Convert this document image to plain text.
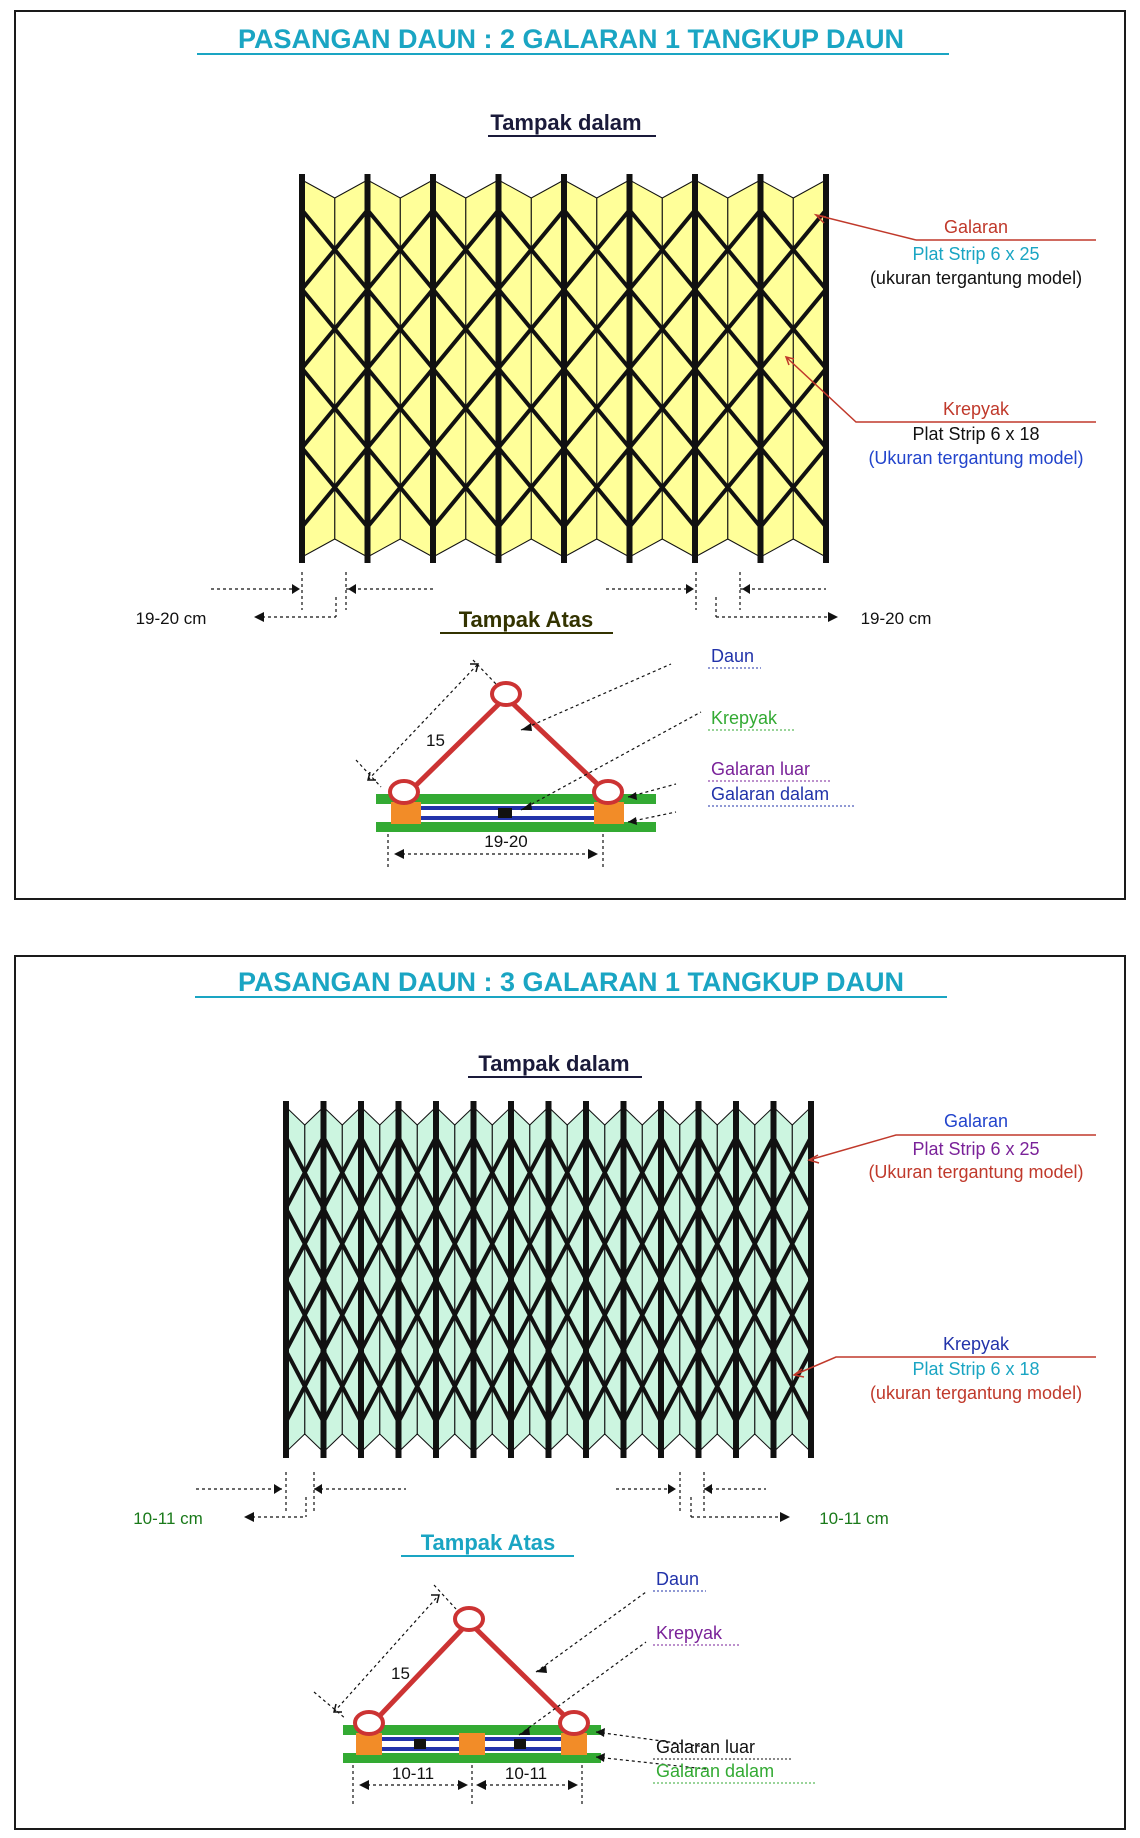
PASANGAN DAUN : 2 GALARAN 1 TANGKUP DAUN
Tampak dalam
Galaran
Plat Strip 6 x 25
(ukuran tergantung model)
Krepyak
Plat Strip 6 x 18
(Ukuran tergantung model)
19-20 cm	19-20 cm
Tampak Atas
15
19-20
Daun
Krepyak
Galaran luar
Galaran dalam
PASANGAN DAUN : 3 GALARAN 1 TANGKUP DAUN
Tampak dalam
Galaran
Plat Strip 6 x 25
(Ukuran tergantung model)
Krepyak
Plat Strip 6 x 18
(ukuran tergantung model)
10-11 cm	10-11 cm
Tampak Atas
15
10-11	10-11
Daun
Krepyak
Galaran luar
Galaran dalam
